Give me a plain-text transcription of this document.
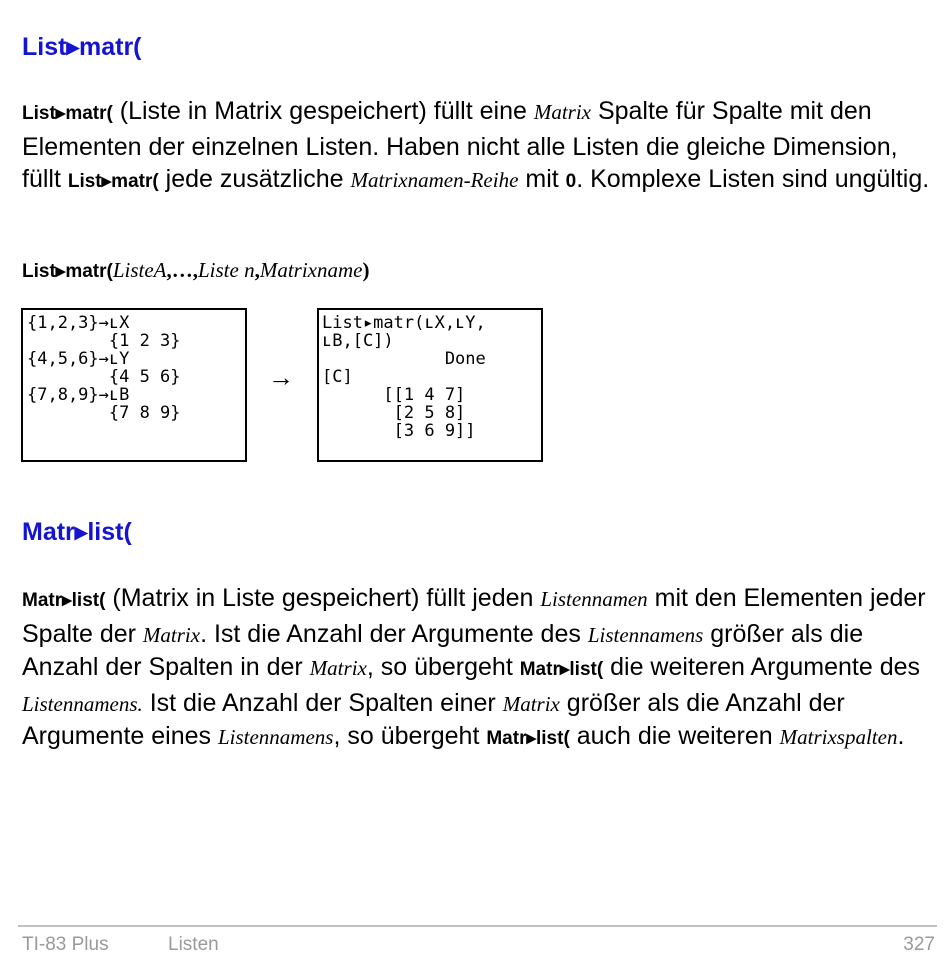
List▸matr(
List▸matr( (Liste in Matrix gespeichert) füllt eine Matrix Spalte für Spalte mit den Elementen der einzelnen Listen. Haben nicht alle Listen die gleiche Dimension, füllt List▸matr( jede zusätzliche Matrixnamen-Reihe mit 0. Komplexe Listen sind ungültig.
List▸matr(ListeA,…,Liste n,Matrixname)
{1,2,3}→ʟX
{1 2 3}
{4,5,6}→ʟY
{4 5 6}
{7,8,9}→ʟB
{7 8 9}
→
List▸matr(ʟX,ʟY,
ʟB,[C])
Done
[C]
[[1 4 7]
[2 5 8]
[3 6 9]]
Matr▸list(
Matr▸list( (Matrix in Liste gespeichert) füllt jeden Listennamen mit den Elementen jeder Spalte der Matrix. Ist die Anzahl der Argumente des Listennamens größer als die Anzahl der Spalten in der Matrix, so übergeht Matr▸list( die weiteren Argumente des Listennamens. Ist die Anzahl der Spalten einer Matrix größer als die Anzahl der Argumente eines Listennamens, so übergeht Matr▸list( auch die weiteren Matrixspalten.
TI-83 Plus	Listen	327
